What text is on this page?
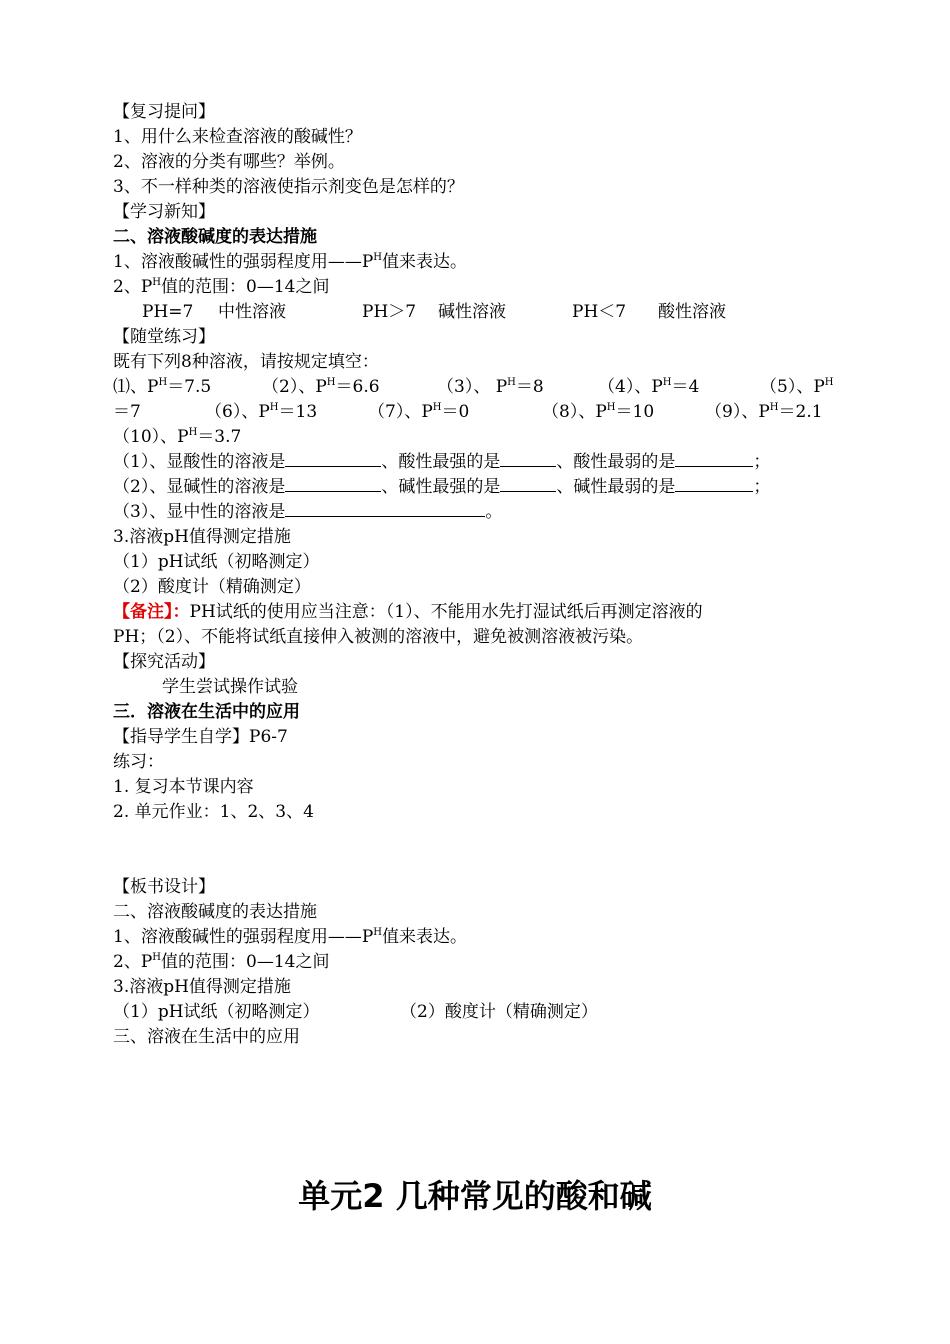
【复习提问】
1、用什么来检查溶液的酸碱性？
2、溶液的分类有哪些？举例。
3、不一样种类的溶液使指示剂变色是怎样的？
【学习新知】
二、溶液酸碱度的表达措施
1、溶液酸碱性的强弱程度用$——P^H$值来表达。
2、$P^H$值的范围：0—14之间
PH=7 中性溶液	PH＞7 碱性溶液	PH＜7 酸性溶液
【随堂练习】
既有下列8种溶液，请按规定填空：
⑴、$P^H=7.5$	（2）、$P^H=6.6$	（3）、 $P^H=8$	（4）、$P^H=4$	（5）、$P^H$
＝7	（6）、$P^H=13$	（7）、$P^H=0$	（8）、$P^H=10$	（9）、$P^H=2.1$
（10）、$P^H=3.7$
（1）、显酸性的溶液是	、酸性最强的是	、酸性最弱的是	；
（2）、显碱性的溶液是	、碱性最强的是	、碱性最弱的是	；
（3）、显中性的溶液是	。
3.溶液pH值得测定措施
（1）pH试纸（初略测定）
（2）酸度计（精确测定）
【备注】：PH试纸的使用应当注意：（1）、不能用水先打湿试纸后再测定溶液的
PH；（2）、不能将试纸直接伸入被测的溶液中，避免被测溶液被污染。
【探究活动】
学生尝试操作试验
三．溶液在生活中的应用
【指导学生自学】P6-7
练习：
1. 复习本节课内容
2. 单元作业：1、2、3、4
【板书设计】
二、溶液酸碱度的表达措施
1、溶液酸碱性的强弱程度用$——P^H$值来表达。
2、$P^H$值的范围：0—14之间
3.溶液pH值得测定措施
（1）pH试纸（初略测定）	（2）酸度计（精确测定）
三、溶液在生活中的应用
单元2 几种常见的酸和碱
